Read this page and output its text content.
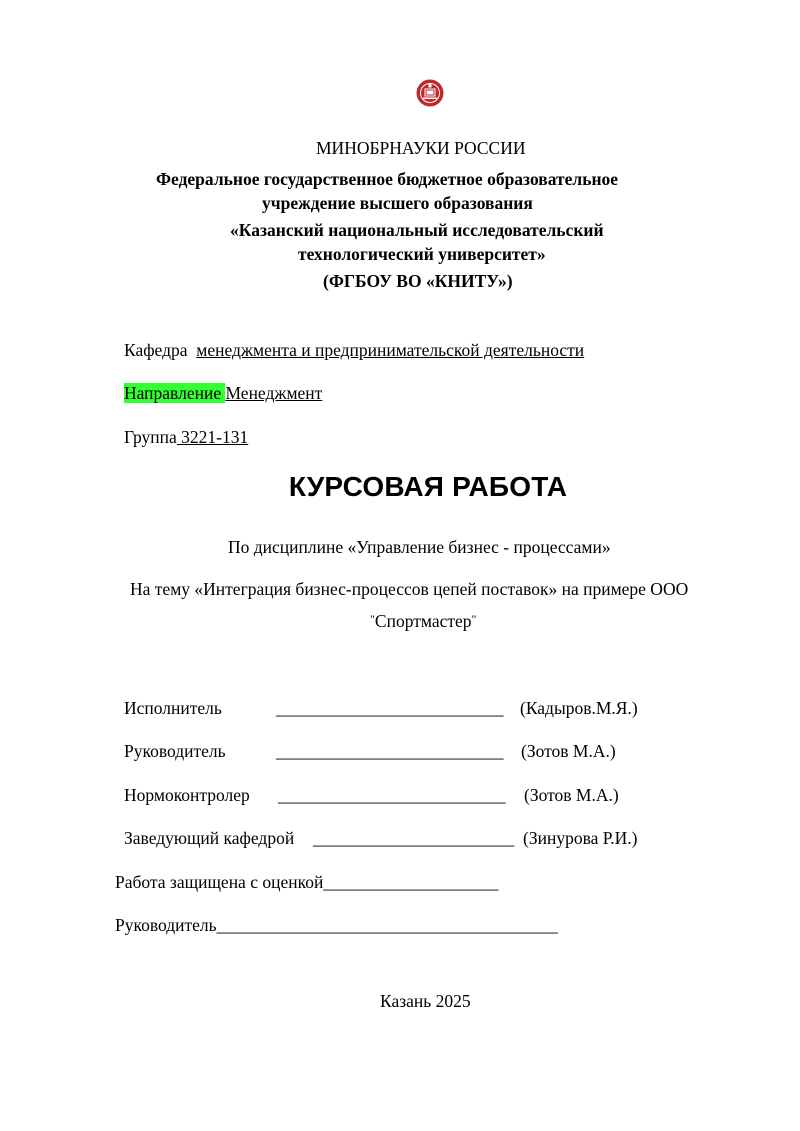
МИНОБРНАУКИ РОССИИ
Федеральное государственное бюджетное образовательное
учреждение высшего образования
«Казанский национальный исследовательский
технологический университет»
(ФГБОУ ВО «КНИТУ»)
Кафедра менеджмента и предпринимательской деятельности
Направление Менеджмент
Группа 3221-131
КУРСОВАЯ РАБОТА
По дисциплине «Управление бизнес - процессами»
На тему «Интеграция бизнес-процессов цепей поставок» на примере ООО
"Спортмастер"
Исполнитель	__________________________ (Кадыров.М.Я.)
Руководитель	__________________________ (Зотов М.А.)
Нормоконтролер __________________________ (Зотов М.А.)
Заведующий кафедрой _______________________ (Зинурова Р.И.)
Работа защищена с оценкой____________________
Руководитель_______________________________________
Казань 2025
